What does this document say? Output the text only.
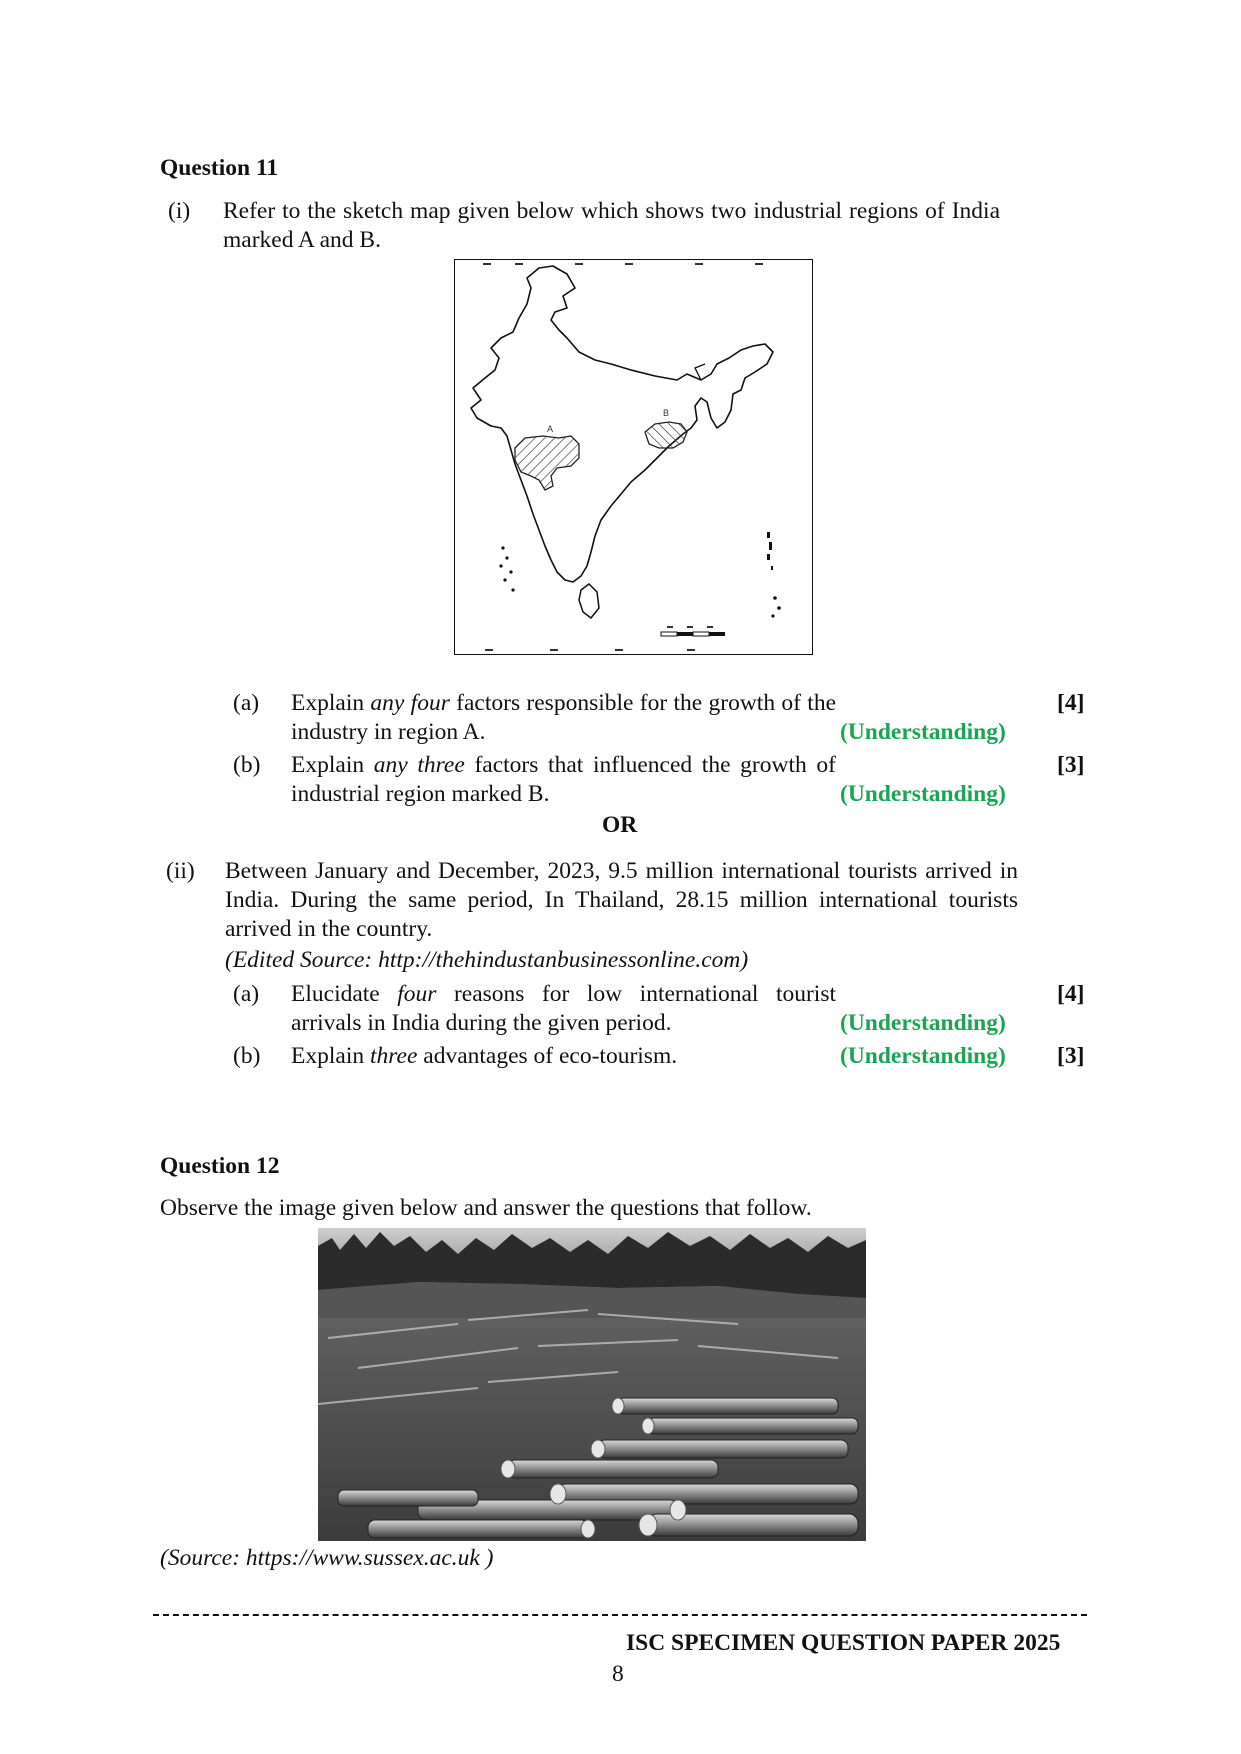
Question 11
(i) Refer to the sketch map given below which shows two industrial regions of India marked A and B.
A
B
(a) Explain any four factors responsible for the growth of the industry in region A.	(Understanding)
[4]
(b) Explain any three factors that influenced the growth of industrial region marked B.	(Understanding)
[3]
OR
(ii) Between January and December, 2023, 9.5 million international tourists arrived in India. During the same period, In Thailand, 28.15 million international tourists arrived in the country.
(Edited Source: http://thehindustanbusinessonline.com)
(a) Elucidate four reasons for low international tourist arrivals in India during the given period.	(Understanding)
[4]
(b) Explain three advantages of eco-tourism.	(Understanding) [3]
Question 12
Observe the image given below and answer the questions that follow.
(Source: https://www.sussex.ac.uk )
ISC SPECIMEN QUESTION PAPER 2025
8
